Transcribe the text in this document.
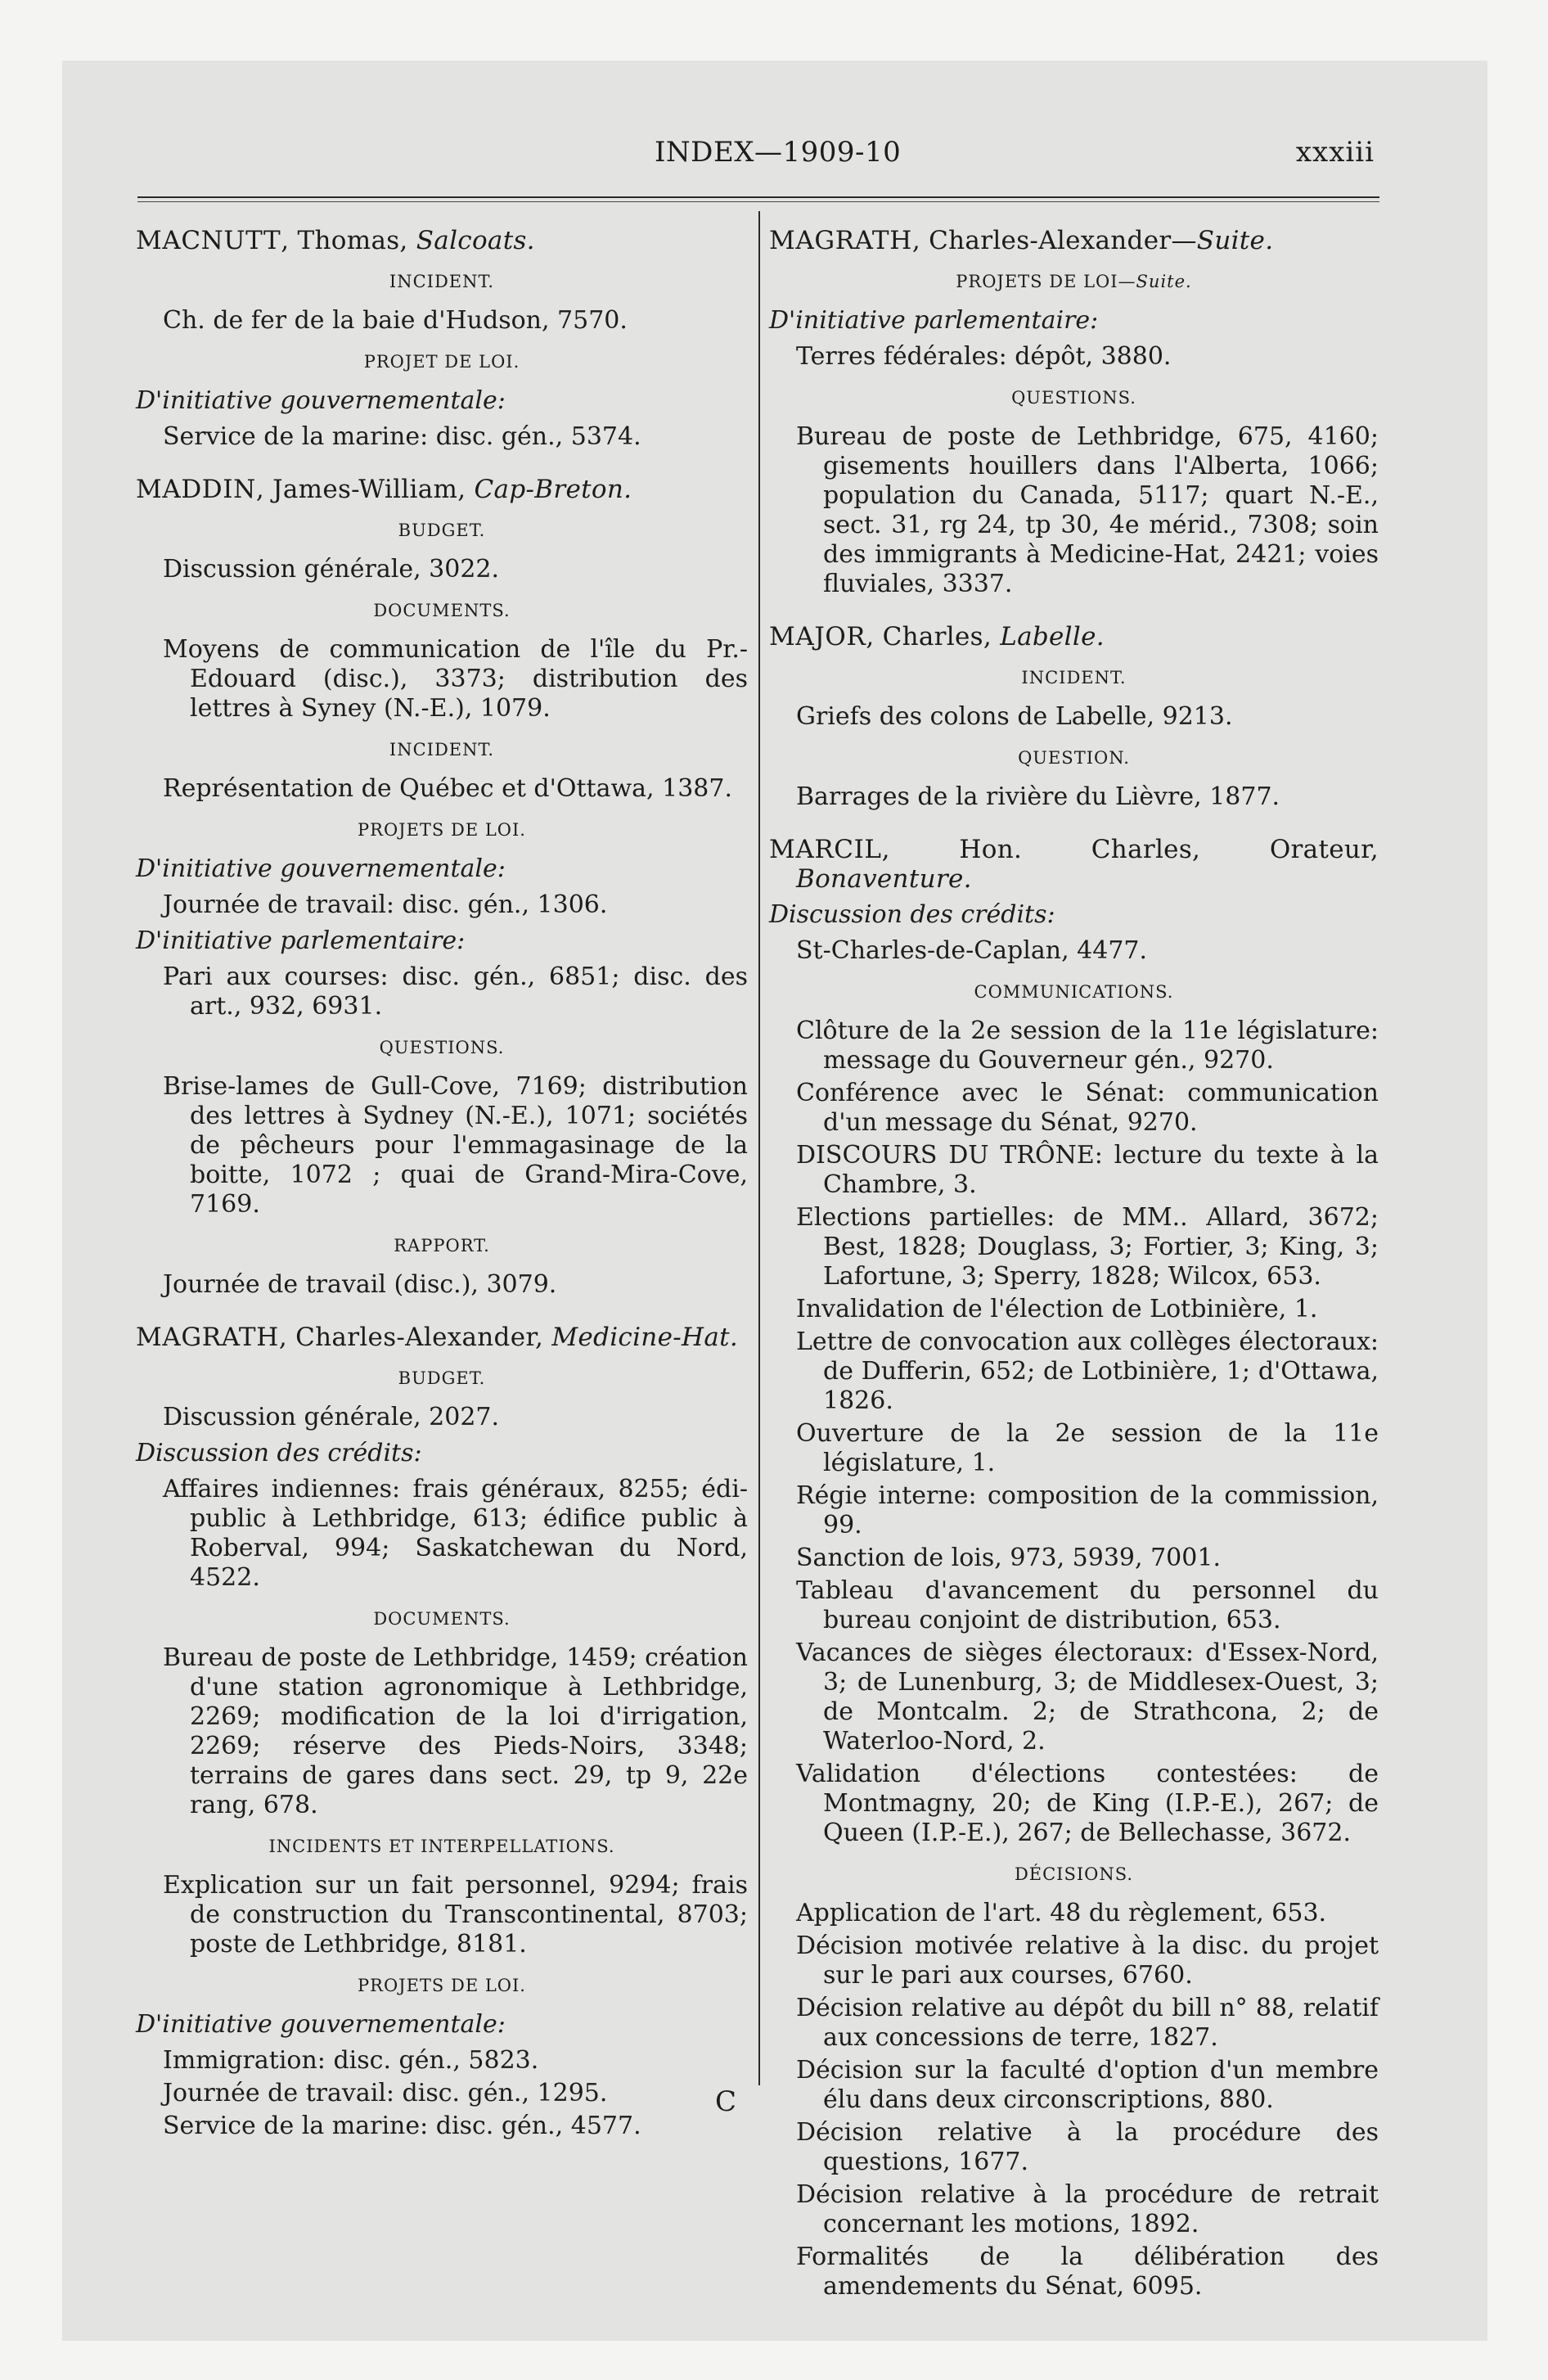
INDEX—1909-10	xxxiii
MACNUTT, Thomas, Salcoats.
INCIDENT.
Ch. de fer de la baie d'Hudson, 7570.
PROJET DE LOI.
D'initiative gouvernementale:
Service de la marine: disc. gén., 5374.
MADDIN, James-William, Cap-Breton.
BUDGET.
Discussion générale, 3022.
DOCUMENTS.
Moyens de communication de l'île du Pr.-Edouard (disc.), 3373; distribution des lettres à Syney (N.-E.), 1079.
INCIDENT.
Représentation de Québec et d'Ottawa, 1387.
PROJETS DE LOI.
D'initiative gouvernementale:
Journée de travail: disc. gén., 1306.
D'initiative parlementaire:
Pari aux courses: disc. gén., 6851; disc. des art., 932, 6931.
QUESTIONS.
Brise-lames de Gull-Cove, 7169; distribution des lettres à Sydney (N.-E.), 1071; sociétés de pêcheurs pour l'emmagasinage de la boitte, 1072 ; quai de Grand-Mira-Cove, 7169.
RAPPORT.
Journée de travail (disc.), 3079.
MAGRATH, Charles-Alexander, Medicine-Hat.
BUDGET.
Discussion générale, 2027.
Discussion des crédits:
Affaires indiennes: frais généraux, 8255; édi-public à Lethbridge, 613; édifice public à Roberval, 994; Saskatchewan du Nord, 4522.
DOCUMENTS.
Bureau de poste de Lethbridge, 1459; création d'une station agronomique à Lethbridge, 2269; modification de la loi d'irrigation, 2269; réserve des Pieds-Noirs, 3348; terrains de gares dans sect. 29, tp 9, 22e rang, 678.
INCIDENTS ET INTERPELLATIONS.
Explication sur un fait personnel, 9294; frais de construction du Transcontinental, 8703; poste de Lethbridge, 8181.
PROJETS DE LOI.
D'initiative gouvernementale:
Immigration: disc. gén., 5823.
Journée de travail: disc. gén., 1295.
Service de la marine: disc. gén., 4577.
MAGRATH, Charles-Alexander—Suite.
PROJETS DE LOI—Suite.
D'initiative parlementaire:
Terres fédérales: dépôt, 3880.
QUESTIONS.
Bureau de poste de Lethbridge, 675, 4160; gisements houillers dans l'Alberta, 1066; population du Canada, 5117; quart N.-E., sect. 31, rg 24, tp 30, 4e mérid., 7308; soin des immigrants à Medicine-Hat, 2421; voies fluviales, 3337.
MAJOR, Charles, Labelle.
INCIDENT.
Griefs des colons de Labelle, 9213.
QUESTION.
Barrages de la rivière du Lièvre, 1877.
MARCIL, Hon. Charles, Orateur, Bonaventure.
Discussion des crédits:
St-Charles-de-Caplan, 4477.
COMMUNICATIONS.
Clôture de la 2e session de la 11e législature: message du Gouverneur gén., 9270.
Conférence avec le Sénat: communication d'un message du Sénat, 9270.
DISCOURS DU TRÔNE: lecture du texte à la Chambre, 3.
Elections partielles: de MM.. Allard, 3672; Best, 1828; Douglass, 3; Fortier, 3; King, 3; Lafortune, 3; Sperry, 1828; Wilcox, 653.
Invalidation de l'élection de Lotbinière, 1.
Lettre de convocation aux collèges électoraux: de Dufferin, 652; de Lotbinière, 1; d'Ottawa, 1826.
Ouverture de la 2e session de la 11e législature, 1.
Régie interne: composition de la commission, 99.
Sanction de lois, 973, 5939, 7001.
Tableau d'avancement du personnel du bureau conjoint de distribution, 653.
Vacances de sièges électoraux: d'Essex-Nord, 3; de Lunenburg, 3; de Middlesex-Ouest, 3; de Montcalm. 2; de Strathcona, 2; de Waterloo-Nord, 2.
Validation d'élections contestées: de Montmagny, 20; de King (I.P.-E.), 267; de Queen (I.P.-E.), 267; de Bellechasse, 3672.
DÉCISIONS.
Application de l'art. 48 du règlement, 653.
Décision motivée relative à la disc. du projet sur le pari aux courses, 6760.
Décision relative au dépôt du bill n° 88, relatif aux concessions de terre, 1827.
Décision sur la faculté d'option d'un membre élu dans deux circonscriptions, 880.
Décision relative à la procédure des questions, 1677.
Décision relative à la procédure de retrait concernant les motions, 1892.
Formalités de la délibération des amendements du Sénat, 6095.
C
